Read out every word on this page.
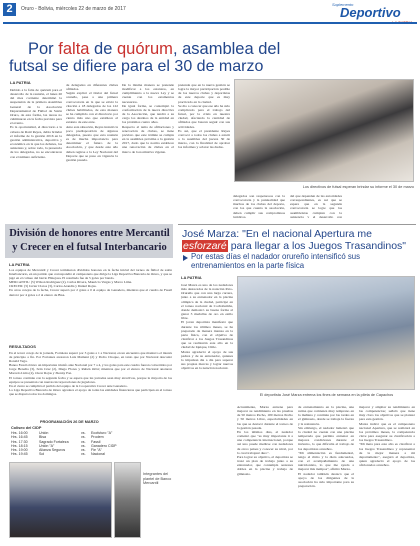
2	Oruro - Bolivia, miércoles 22 de marzo de 2017
Suplemento
Deportivo
Por falta de quórum, asamblea del
futsal se difiere para el 30 de marzo
LA PATRIA
Debido a la falta de quórum para el desarrollo de la reunión, el lunes 20 del mes corriente determinó la suspensión de la primera Asamblea General de la Asociación Departamental de Fútbol de Salón Oruro, de esta forma, las tareas no culminaron en la fecha prevista para el evento.
Es la oportunidad, el directorio a la cabeza de Raúl Reyes, debía brindar el informe de la gestión 2016 en la gestión administrativa, deportiva y económica en la que los debates, los asistentes y, sobre todo, la presencia de los delegados, no se encontraron con el número suficiente.
de delegados en diferentes clubes afiliados.
Según explicó el titular del futsal orureño, pese a una primera convocatoria en la que se envió la citación a 18 delegados de los 122 clubes habilitados, de esta manera se ha cumplido con el directorio por ciento más uno que establece el estatuto de este ente.
Ante esta situación, Reyes insistió la poca predisposición de algunos delegados, puesto que esta reunión es de mucha importancia para determinar el futuro de la Asociación, y que desde este año deben regirse a la Ley Nacional del Deporte que se puso en vigencia la gestión pasada.
De la misma manera se pretende modificar a los estatutos, en cumplimiento a la nueva Ley y se cuente con los estamentos necesarios.
De igual forma, se contempló la conformación de la nueva directiva de la Asociación, que tendrá a su cargo los destinos de la entidad en los próximos cuatro años.
Respecto al tema de afiliaciones y renovación de clubes, se tiene previsto que este trámite se cumpla en la asamblea próxima a la gestión 2017, dado que la norma establece una renovación de clubes en el marco de la normativa vigente.
pretende que en la nueva gestión se logre la mayor participación posible de los nuevos clubes y deportistas de este deporte que es muy practicado en la ciudad.
Se dio a conocer que ese año ha sido complicado para el trabajo del futsal, por la crisis en nuestra ciudad, afectando la cantidad de afiliados que buscan seguir con sus actividades.
Es así, que el presidente Reyes convocó a todos los clubes a asistir a la asamblea del jueves 30 de marzo, con la finalidad de aprobar los informes y aclarar las dudas.
delegados son respetuosos con la convocatoria y la puntualidad que muchos de los clubes del deporte, con los que cuenta la asociación, deben cumplir sus compromisos jurídicos.

del que dependen de las autoridades correspondientes, es así que se espera que en la segunda convocatoria se logre que los asambleístas cumplan con la asistencia y el desarrollo con
Los directivos de futsal esperan brindar su informe el 30 de marzo
División de honores entre Mercantil
y Crecer en el futsal Interbancario
LA PATRIA
Los equipos de Mercantil y Crecer terminaron divididos honores en la fecha inicial del torneo de fútbol de salón Interbancario, en un partido que correspondió al campeonato que dirige la Liga Deportiva Bancaria de Oruro, y que se jugó en el coliseo del barrio Hinojosa. El resultado fue de 5 goles por bando.
MERCANTIL: (5) Wilson Rodríguez (2), Carlos Rivera, Mauricio Vargas y Marco Lima.
CRECER: (5) Javier Claros (3), Carlos Arandia y Daniel Rojas.
En otros cotejos de la fecha, Crecer superó por 2 goles a 0 al equipo de Ganadero, mientras que el cuadro de Fassil derrotó por 4 goles a 2 al elenco de Bisa.
RESULTADOS
En el tercer cotejo de la jornada, Fortaleza superó por 3 goles a 1 a Nacional, en un encuentro que mantuvo el interés de principio a fin. Por Fortaleza anotaron Luis Mamani (2) y Pedro Choque, en tanto que por Nacional descontó Ronald Vega.
Baneo Fassil obtuvo un importante triunfo ante Nacional por 7 a 4, y los goles para este cuadro fueron convertidos por Jorge Heredia (3), Iván Cruz (2), Diego Flores y Rubén Ortiz; mientras que por el elenco de Nacional anotaron Marcelo Lima (2), Oscar Rojas y Jhonny Paz.
El torneo continúa con la segunda fecha y se espera que las jornadas sean muy atractivas, porque la mayoría de los equipos se presentan con nuevas incorporaciones de jugadores.
En el cierre se cumplirá el partido del equipo de la Cooperativa Crecer ante Ganadero.
La Liga Deportiva Bancaria de Oruro agradece el apoyo de todas las entidades financieras que participan en el torneo que se disputa todos los domingos.
PROGRAMACIÓN 26 DE MARZO
Coliseo del CIDP
Hrs. 16:00	Unión	vs.	Ecofuturo "A"
Hrs. 16:45	Bisa	vs.	Prodem
Hrs. 17:30	Sagrado Fortaleza	vs.	Fassil
Hrs. 18:15	Unión "A"	vs.	Ganadero CIDP
Hrs. 19:00	Alianza Seguros	vs.	Fie "A"
Hrs. 19:45	Sol	vs.	Nacional
Integrantes del plantel de Banco Mercantil
José Marza: "En el nacional Apertura me
esforzaré para llegar a los Juegos Trasandinos"
Por estas días el nadador orureño intensificó sus
entrenamientos en la parte física
LA PATRIA
José Marza es uno de los nadadores más destacados de la natación Pato-Orureño que con una larga carrera, junto a su entrenador en la piscina olímpica de la ciudad, participó en el torneo nacional de Cochabamba, donde demostró su buena forma al ganar 3 medallas de oro en estilo libre.
El joven deportista manifestó que durante los últimos meses, se ha preparado de manera intensa en la parte física, con el objetivo de clasificar a los Juegos Trasandinos que se realizarán este año en la ciudad de Iquique, Chile.
Marza agradeció el apoyo de sus padres y de su entrenador, quienes lo impulsan día a día para superar sus propias marcas y lograr nuevos objetivos en la natación nacional.
El deportista José Marza entrena los fines de semana en la pileta de Capachos
Actualmente, Marza entrena para mejorar su rendimiento en las pruebas de 50 metros Pecho, 100 metros Pecho y 50 metros Libre, especialidades en las que se destacó durante el torneo de la gestión pasada.
En los últimos días, el nadador comentó que "es muy importante ir a una competencia internacional, porque así uno puede medirse con nadadores de otros países y conocer su nivel, por lo cual trabajaré duro".
Para lograr su objetivo, el deportista se trazó un plan de trabajo junto a su entrenador, que contempla sesiones dobles en la piscina y trabajo de gimnasio.
de entrenamiento en la piscina, una rutina que comienza muy temprano en la mañana y continúa por las tardes en el gimnasio, donde se trabaja la fuerza y la resistencia.
Sin embargo, el nadador lamentó que la ciudad no cuente con una piscina temperada que permita entrenar en mejores condiciones durante el invierno, lo que dificulta el trabajo de los deportistas orureños.
"Mi alimentación es fundamental, tengo el ritmo y la dieta adecuados, con el acompañamiento de una nutricionista, lo que me ayuda a mejorar mis tiempos", afirmó Marza.
El nadador también destacó que el apoyo de los dirigentes de la asociación ha sido importante para su preparación.
mejorar y ampliar su rendimiento en las competencias; señaló que tiene muy claro los objetivos que se planteó para esta gestión.
Marza indicó que es el campeonato nacional Apertura, que se realizará en los próximos meses, la competencia clave para asegurar su clasificación a los Juegos Trasandinos.
"Mi meta para este año es clasificar a los Juegos Trasandinos y representar de la mejor manera a mi departamento", aseguró el deportista, quien agradeció el apoyo de los aficionados orureños.
